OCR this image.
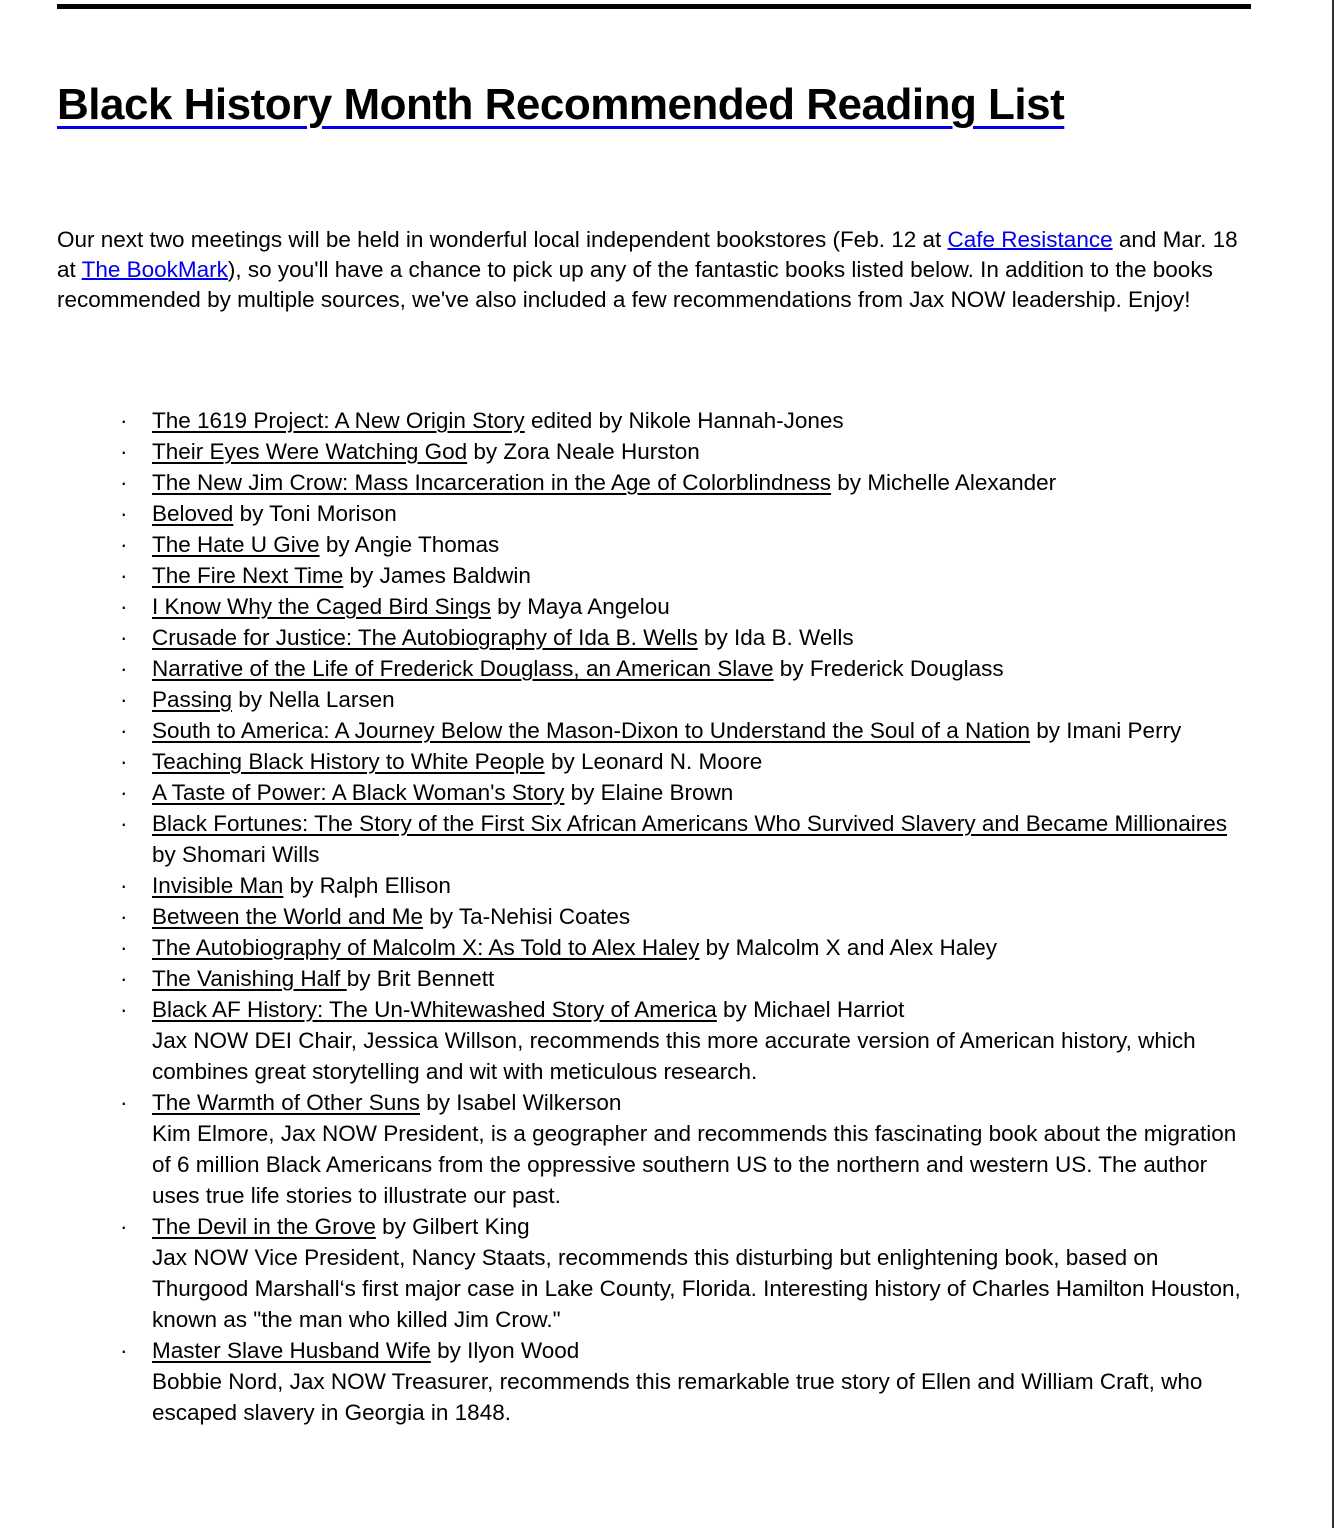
Black History Month Recommended Reading List

Our next two meetings will be held in wonderful local independent bookstores (Feb. 12 at Cafe Resistance and Mar. 18 at The BookMark), so you'll have a chance to pick up any of the fantastic books listed below. In addition to the books recommended by multiple sources, we've also included a few recommendations from Jax NOW leadership. Enjoy!

· The 1619 Project: A New Origin Story edited by Nikole Hannah-Jones
· Their Eyes Were Watching God by Zora Neale Hurston
· The New Jim Crow: Mass Incarceration in the Age of Colorblindness by Michelle Alexander
· Beloved by Toni Morison
· The Hate U Give by Angie Thomas
· The Fire Next Time by James Baldwin
· I Know Why the Caged Bird Sings by Maya Angelou
· Crusade for Justice: The Autobiography of Ida B. Wells by Ida B. Wells
· Narrative of the Life of Frederick Douglass, an American Slave by Frederick Douglass
· Passing by Nella Larsen
· South to America: A Journey Below the Mason-Dixon to Understand the Soul of a Nation by Imani Perry
· Teaching Black History to White People by Leonard N. Moore
· A Taste of Power: A Black Woman's Story by Elaine Brown
· Black Fortunes: The Story of the First Six African Americans Who Survived Slavery and Became Millionaires by Shomari Wills
· Invisible Man by Ralph Ellison
· Between the World and Me by Ta-Nehisi Coates
· The Autobiography of Malcolm X: As Told to Alex Haley by Malcolm X and Alex Haley
· The Vanishing Half by Brit Bennett
· Black AF History: The Un-Whitewashed Story of America by Michael Harriot
Jax NOW DEI Chair, Jessica Willson, recommends this more accurate version of American history, which combines great storytelling and wit with meticulous research.
· The Warmth of Other Suns by Isabel Wilkerson
Kim Elmore, Jax NOW President, is a geographer and recommends this fascinating book about the migration of 6 million Black Americans from the oppressive southern US to the northern and western US. The author uses true life stories to illustrate our past.
· The Devil in the Grove by Gilbert King
Jax NOW Vice President, Nancy Staats, recommends this disturbing but enlightening book, based on Thurgood Marshall‘s first major case in Lake County, Florida. Interesting history of Charles Hamilton Houston, known as "the man who killed Jim Crow."
· Master Slave Husband Wife by Ilyon Wood
Bobbie Nord, Jax NOW Treasurer, recommends this remarkable true story of Ellen and William Craft, who escaped slavery in Georgia in 1848.
